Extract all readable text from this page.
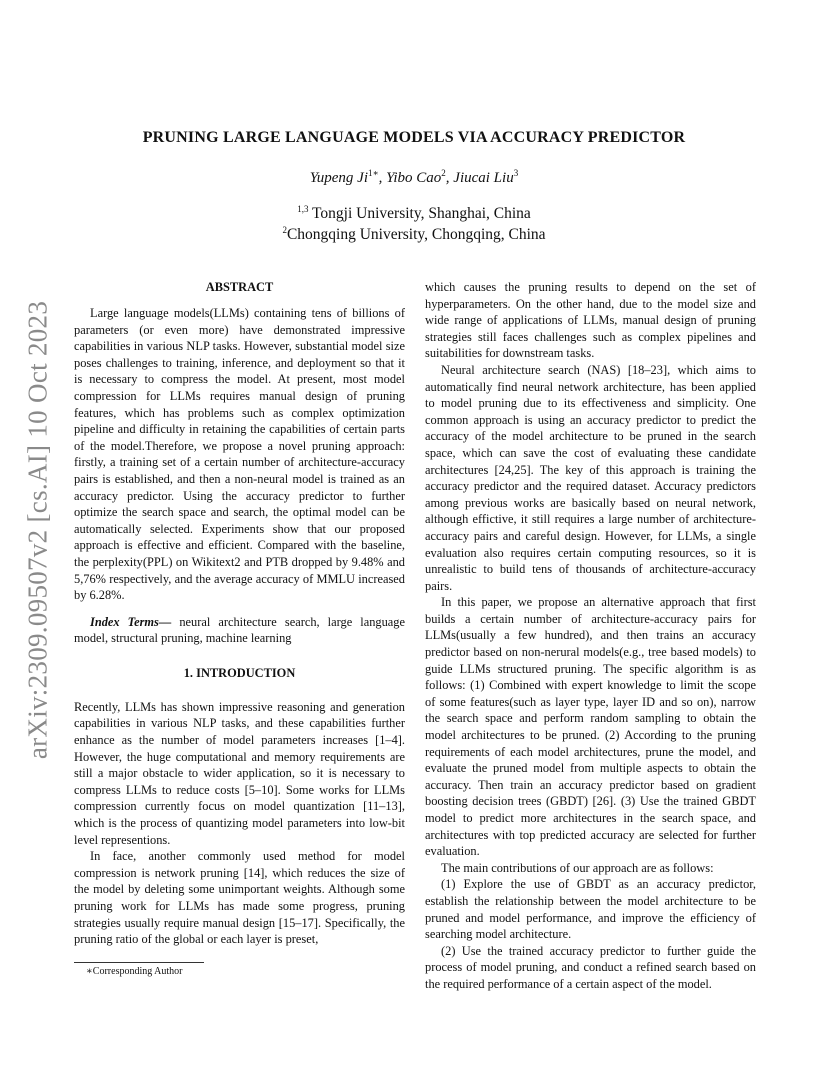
arXiv:2309.09507v2 [cs.AI] 10 Oct 2023
PRUNING LARGE LANGUAGE MODELS VIA ACCURACY PREDICTOR
Yupeng $Ji^{1∗}$, Yibo Cao$^2$, Jiucai Liu$^3$
$^{1,3}$ Tongji University, Shanghai, China
$^2$Chongqing University, Chongqing, China
ABSTRACT

Large language models(LLMs) containing tens of billions of parameters (or even more) have demonstrated impressive capabilities in various NLP tasks. However, substantial model size poses challenges to training, inference, and deployment so that it is necessary to compress the model. At present, most model compression for LLMs requires manual design of pruning features, which has problems such as complex optimization pipeline and difficulty in retaining the capabilities of certain parts of the model.Therefore, we propose a novel pruning approach: firstly, a training set of a certain number of architecture-accuracy pairs is established, and then a non-neural model is trained as an accuracy predictor. Using the accuracy predictor to further optimize the search space and search, the optimal model can be automatically selected. Experiments show that our proposed approach is effective and efficient. Compared with the baseline, the perplexity(PPL) on Wikitext2 and PTB dropped by 9.48% and 5,76% respectively, and the average accuracy of MMLU increased by 6.28%.

Index Terms— neural architecture search, large language model, structural pruning, machine learning

1. INTRODUCTION

Recently, LLMs has shown impressive reasoning and generation capabilities in various NLP tasks, and these capabilities further enhance as the number of model parameters increases [1–4]. However, the huge computational and memory requirements are still a major obstacle to wider application, so it is necessary to compress LLMs to reduce costs [5–10]. Some works for LLMs compression currently focus on model quantization [11–13], which is the process of quantizing model parameters into low-bit level representions.

In face, another commonly used method for model compression is network pruning [14], which reduces the size of the model by deleting some unimportant weights. Although some pruning work for LLMs has made some progress, pruning strategies usually require manual design [15–17]. Specifically, the pruning ratio of the global or each layer is preset,

which causes the pruning results to depend on the set of hyperparameters. On the other hand, due to the model size and wide range of applications of LLMs, manual design of pruning strategies still faces challenges such as complex pipelines and suitabilities for downstream tasks.

Neural architecture search (NAS) [18–23], which aims to automatically find neural network architecture, has been applied to model pruning due to its effectiveness and simplicity. One common approach is using an accuracy predictor to predict the accuracy of the model architecture to be pruned in the search space, which can save the cost of evaluating these candidate architectures [24,25]. The key of this approach is training the accuracy predictor and the required dataset. Accuracy predictors among previous works are basically based on neural network, although effictive, it still requires a large number of architecture-accuracy pairs and careful design. However, for LLMs, a single evaluation also requires certain computing resources, so it is unrealistic to build tens of thousands of architecture-accuracy pairs.

In this paper, we propose an alternative approach that first builds a certain number of architecture-accuracy pairs for LLMs(usually a few hundred), and then trains an accuracy predictor based on non-nerural models(e.g., tree based models) to guide LLMs structured pruning. The specific algorithm is as follows: (1) Combined with expert knowledge to limit the scope of some features(such as layer type, layer ID and so on), narrow the search space and perform random sampling to obtain the model architectures to be pruned. (2) According to the pruning requirements of each model architectures, prune the model, and evaluate the pruned model from multiple aspects to obtain the accuracy. Then train an accuracy predictor based on gradient boosting decision trees (GBDT) [26]. (3) Use the trained GBDT model to predict more architectures in the search space, and architectures with top predicted accuracy are selected for further evaluation.

The main contributions of our approach are as follows:

(1) Explore the use of GBDT as an accuracy predictor, establish the relationship between the model architecture to be pruned and model performance, and improve the efficiency of searching model architecture.

(2) Use the trained accuracy predictor to further guide the process of model pruning, and conduct a refined search based on the required performance of a certain aspect of the model.

∗Corresponding Author
